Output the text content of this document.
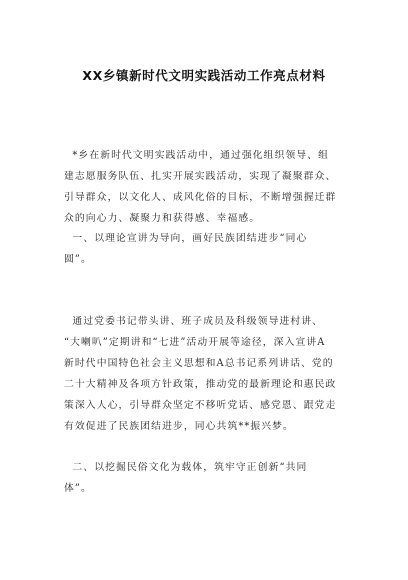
XX乡镇新时代文明实践活动工作亮点材料
*乡在新时代文明实践活动中，通过强化组织领导、组
建志愿服务队伍、扎实开展实践活动，实现了凝聚群众、
引导群众，以文化人、成风化俗的目标，不断增强握迁群
众的向心力、凝聚力和获得感、幸福感。
一、以理论宣讲为导向，画好民族团结进步“同心
圆”。
通过党委书记带头讲、班子成员及科级领导进村讲、
“大喇叭”定期讲和“七进”活动开展等途径，深入宣讲A
新时代中国特色社会主义思想和A总书记系列讲话、党的
二十大精神及各项方针政策，推动党的最新理论和惠民政
策深入人心，引导群众坚定不移听党话、感党恩、跟党走
有效促进了民族团结进步，同心共筑**振兴梦。
二、以挖掘民俗文化为载体，筑牢守正创新“共同
体”。
